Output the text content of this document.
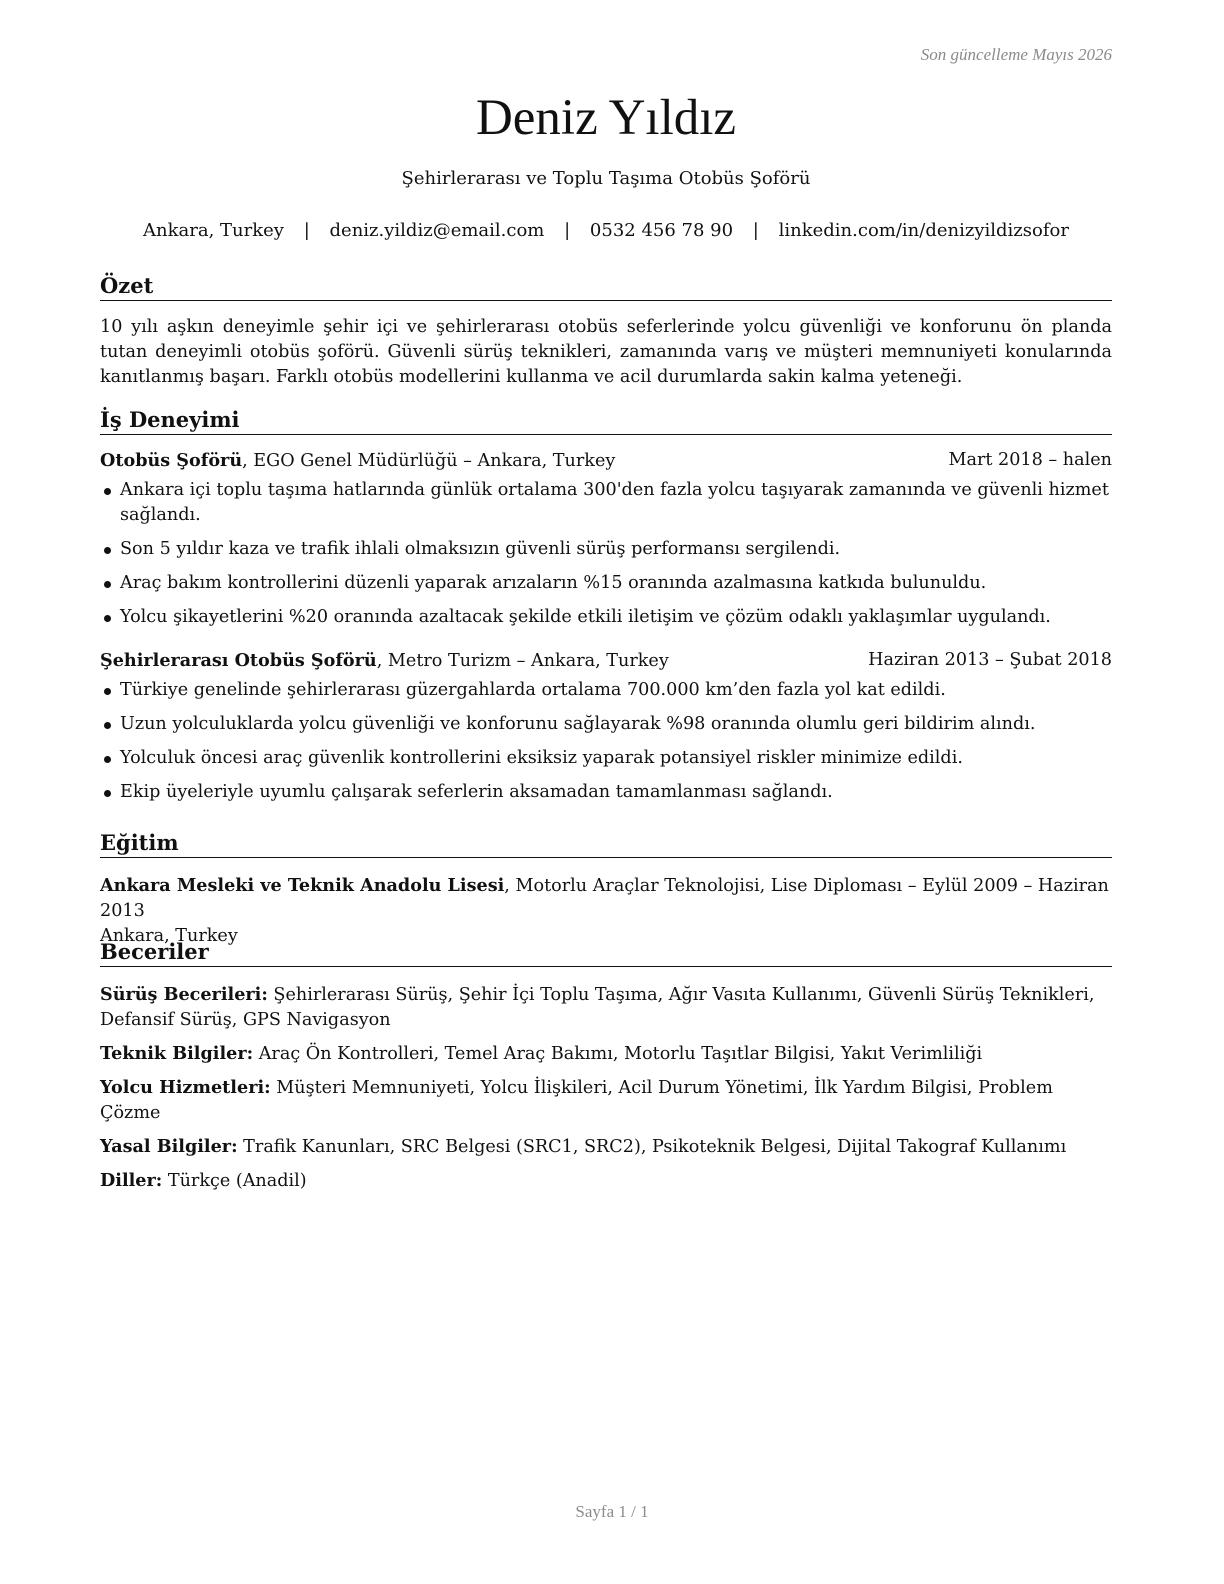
Son güncelleme Mayıs 2026
Deniz Yıldız
Şehirlerarası ve Toplu Taşıma Otobüs Şoförü
Ankara, Turkey | deniz.yildiz@email.com | 0532 456 78 90 | linkedin.com/in/denizyildizsofor
Özet
10 yılı aşkın deneyimle şehir içi ve şehirlerarası otobüs seferlerinde yolcu güvenliği ve konforunu ön planda tutan deneyimli otobüs şoförü. Güvenli sürüş teknikleri, zamanında varış ve müşteri memnuniyeti konularında kanıtlanmış başarı. Farklı otobüs modellerini kullanma ve acil durumlarda sakin kalma yeteneği.
İş Deneyimi
Otobüs Şoförü, EGO Genel Müdürlüğü – Ankara, Turkey	Mart 2018 – halen
Ankara içi toplu taşıma hatlarında günlük ortalama 300'den fazla yolcu taşıyarak zamanında ve güvenli hizmet sağlandı.
Son 5 yıldır kaza ve trafik ihlali olmaksızın güvenli sürüş performansı sergilendi.
Araç bakım kontrollerini düzenli yaparak arızaların %15 oranında azalmasına katkıda bulunuldu.
Yolcu şikayetlerini %20 oranında azaltacak şekilde etkili iletişim ve çözüm odaklı yaklaşımlar uygulandı.
Şehirlerarası Otobüs Şoförü, Metro Turizm – Ankara, Turkey	Haziran 2013 – Şubat 2018
Türkiye genelinde şehirlerarası güzergahlarda ortalama 700.000 km’den fazla yol kat edildi.
Uzun yolculuklarda yolcu güvenliği ve konforunu sağlayarak %98 oranında olumlu geri bildirim alındı.
Yolculuk öncesi araç güvenlik kontrollerini eksiksiz yaparak potansiyel riskler minimize edildi.
Ekip üyeleriyle uyumlu çalışarak seferlerin aksamadan tamamlanması sağlandı.
Eğitim
Ankara Mesleki ve Teknik Anadolu Lisesi, Motorlu Araçlar Teknolojisi, Lise Diploması – Eylül 2009 – Haziran 2013
Ankara, Turkey
Beceriler
Sürüş Becerileri: Şehirlerarası Sürüş, Şehir İçi Toplu Taşıma, Ağır Vasıta Kullanımı, Güvenli Sürüş Teknikleri, Defansif Sürüş, GPS Navigasyon
Teknik Bilgiler: Araç Ön Kontrolleri, Temel Araç Bakımı, Motorlu Taşıtlar Bilgisi, Yakıt Verimliliği
Yolcu Hizmetleri: Müşteri Memnuniyeti, Yolcu İlişkileri, Acil Durum Yönetimi, İlk Yardım Bilgisi, Problem Çözme
Yasal Bilgiler: Trafik Kanunları, SRC Belgesi (SRC1, SRC2), Psikoteknik Belgesi, Dijital Takograf Kullanımı
Diller: Türkçe (Anadil)
Sayfa 1 / 1
